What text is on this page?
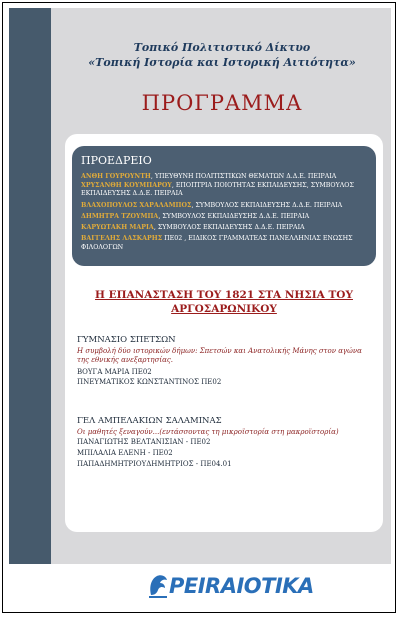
Τοπικό Πολιτιστικό Δίκτυο
«Τοπική Ιστορία και Ιστορική Αιτιότητα»
ΠΡΟΓΡΑΜΜΑ
ΠΡΟΕΔΡΕΙΟ
ΑΝΘΗ ΓΟΥΡΟΥΝΤΗ, ΥΠΕΥΘΥΝΗ ΠΟΛΙΤΙΣΤΙΚΩΝ ΘΕΜΑΤΩΝ Δ.Δ.Ε. ΠΕΙΡΑΙΑ
ΧΡΥΣΑΝΘΗ ΚΟΥΜΠΑΡΟΥ, ΕΠΟΠΤΡΙΑ ΠΟΙΟΤΗΤΑΣ ΕΚΠΑΙΔΕΥΣΗΣ, ΣΥΜΒΟΥΛΟΣ
ΕΚΠΑΙΔΕΥΣΗΣ Δ.Δ.Ε. ΠΕΙΡΑΙΑ
ΒΛΑΧΟΠΟΥΛΟΣ ΧΑΡΑΛΑΜΠΟΣ, ΣΥΜΒΟΥΛΟΣ ΕΚΠΑΙΔΕΥΣΗΣ Δ.Δ.Ε. ΠΕΙΡΑΙΑ
ΔΗΜΗΤΡΑ ΤΖΟΥΜΠΑ, ΣΥΜΒΟΥΛΟΣ ΕΚΠΑΙΔΕΥΣΗΣ Δ.Δ.Ε. ΠΕΙΡΑΙΑ
ΚΑΡΥΩΤΑΚΗ ΜΑΡΙΑ, ΣΥΜΒΟΥΛΟΣ ΕΚΠΑΙΔΕΥΣΗΣ Δ.Δ.Ε. ΠΕΙΡΑΙΑ
ΒΑΓΓΕΛΗΣ ΛΑΣΚΑΡΗΣ ΠΕ02 , ΕΙΔΙΚΟΣ ΓΡΑΜΜΑΤΕΑΣ ΠΑΝΕΛΛΗΝΙΑΣ ΕΝΩΣΗΣ
ΦΙΛΟΛΟΓΩΝ
Η ΕΠΑΝΑΣΤΑΣΗ ΤΟΥ 1821 ΣΤΑ ΝΗΣΙΑ ΤΟΥ
ΑΡΓΟΣΑΡΩΝΙΚΟΥ
ΓΥΜΝΑΣΙΟ ΣΠΕΤΣΩΝ
Η συμβολή δύο ιστορικών δήμων: Σπετσών και Ανατολικής Μάνης στον αγώνα
της εθνικής ανεξαρτησίας.
ΒΟΥΓΑ ΜΑΡΙΑ ΠΕ02
ΠΝΕΥΜΑΤΙΚΟΣ ΚΩΝΣΤΑΝΤΙΝΟΣ ΠΕ02
ΓΕΛ ΑΜΠΕΛΑΚΙΩΝ ΣΑΛΑΜΙΝΑΣ
Οι μαθητές ξεναγούν...(εντάσσοντας τη μικροϊστορία στη μακροϊστορία)
ΠΑΝΑΓΙΩΤΗΣ ΒΕΛΤΑΝΙΣΙΑΝ - ΠΕ02
ΜΠΙΛΑΛΙΑ ΕΛΕΝΗ - ΠΕ02
ΠΑΠΑΔΗΜΗΤΡΙΟΥΔΗΜΗΤΡΙΟΣ - ΠΕ04.01
PEIRAIOTIKA
